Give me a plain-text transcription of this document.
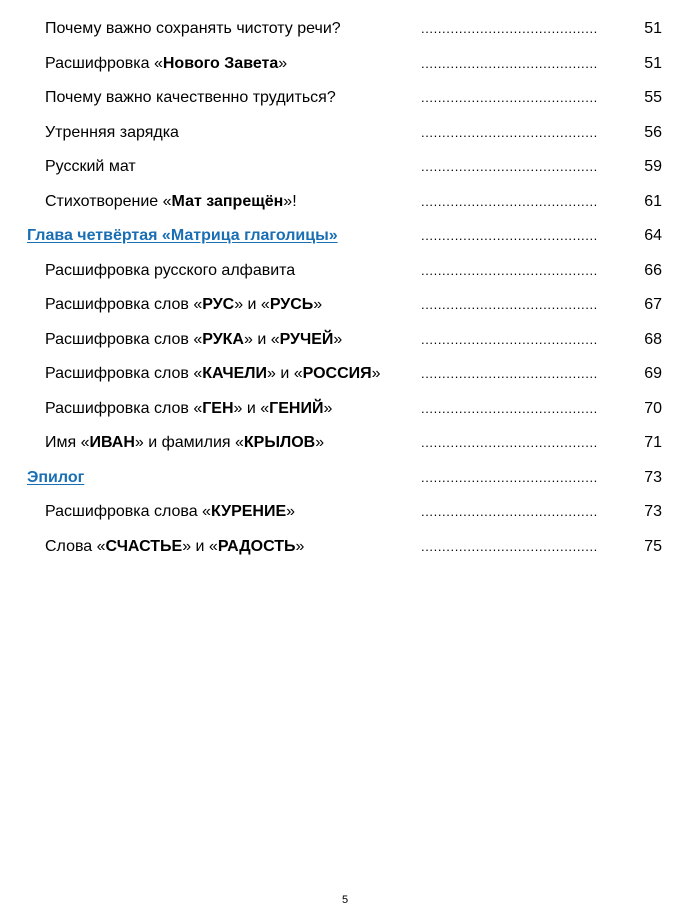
Почему важно сохранять чистоту речи?	..........................................	51
Расшифровка «Нового Завета»	..........................................	51
Почему важно качественно трудиться?	..........................................	55
Утренняя зарядка	..........................................	56
Русский мат	..........................................	59
Стихотворение «Мат запрещён»!	..........................................	61
Глава четвёртая «Матрица глаголицы»	..........................................	64
Расшифровка русского алфавита	..........................................	66
Расшифровка слов «РУС» и «РУСЬ»	..........................................	67
Расшифровка слов «РУКА» и «РУЧЕЙ»	..........................................	68
Расшифровка слов «КАЧЕЛИ» и «РОССИЯ»	..........................................	69
Расшифровка слов «ГЕН» и «ГЕНИЙ»	..........................................	70
Имя «ИВАН» и фамилия «КРЫЛОВ»	..........................................	71
Эпилог	..........................................	73
Расшифровка слова «КУРЕНИЕ»	..........................................	73
Слова «СЧАСТЬЕ» и «РАДОСТЬ»	..........................................	75
5
